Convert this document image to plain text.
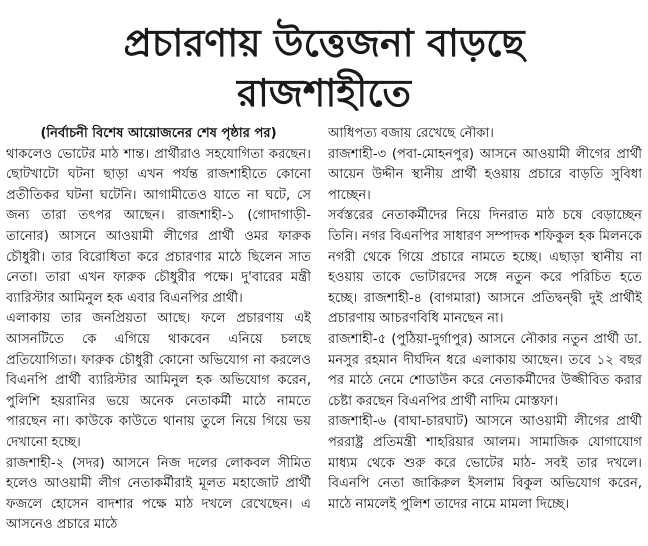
প্রচারণায় উত্তেজনা বাড়ছে
রাজশাহীতে
(নির্বাচনী বিশেষ আয়োজনের শেষ পৃষ্ঠার পর)
থাকলেও ভোটের মাঠ শান্ত। প্রার্থীরাও সহযোগিতা করছেন। ছোটখাটো ঘটনা ছাড়া এখন পর্যন্ত রাজশাহীতে কোনো প্রতীতিকর ঘটনা ঘটেনি। আগামীতেও যাতে না ঘটে, সে জন্য তারা তৎপর আছেন। রাজশাহী-১ (গোদাগাড়ী-তানোর) আসনে আওয়ামী লীগের প্রার্থী ওমর ফারুক চৌধুরী। তার বিরোধিতা করে প্রচারণার মাঠে ছিলেন সাত নেতা। তারা এখন ফারুক চৌধুরীর পক্ষে। দু'বারের মন্ত্রী ব্যারিস্টার আমিনুল হক এবার বিএনপির প্রার্থী।
এলাকায় তার জনপ্রিয়তা আছে। ফলে প্রচারণায় এই আসনটিতে কে এগিয়ে থাকবেন এনিয়ে চলছে প্রতিযোগিতা। ফারুক চৌধুরী কোনো অভিযোগ না করলেও বিএনপি প্রার্থী ব্যারিস্টার আমিনুল হক অভিযোগ করেন, পুলিশি হয়রানির ভয়ে অনেক নেতাকর্মী মাঠে নামতে পারছেন না। কাউকে কাউতে থানায় তুলে নিয়ে গিয়ে ভয় দেখানো হচ্ছে।
রাজশাহী-২ (সদর) আসনে নিজ দলের লোকবল সীমিত হলেও আওয়ামী লীগ নেতাকর্মীরাই মূলত মহাজোট প্রার্থী ফজলে হোসেন বাদশার পক্ষে মাঠ দখলে রেখেছেন। এ আসনেও প্রচারে মাঠে
আধিপত্য বজায় রেখেছে নৌকা।
রাজশাহী-৩ (পবা-মোহনপুর) আসনে আওয়ামী লীগের প্রার্থী আয়েন উদ্দীন স্থানীয় প্রার্থী হওয়ায় প্রচারে বাড়তি সুবিধা পাচ্ছেন।
সর্বস্তরের নেতাকর্মীদের নিয়ে দিনরাত মাঠ চষে বেড়াচ্ছেন তিনি। নগর বিএনপির সাধারণ সম্পাদক শফিকুল হক মিলনকে নগরী থেকে গিয়ে প্রচারে নামতে হচ্ছে। এছাড়া স্থানীয় না হওয়ায় তাকে ভোটারদের সঙ্গে নতুন করে পরিচিত হতে হচ্ছে। রাজশাহী-৪ (বাগমারা) আসনে প্রতিদ্বন্দ্বী দুই প্রার্থীই প্রচারণায় আচরণবিধি মানছেন না।
রাজশাহী-৫ (পুঠিয়া-দুর্গাপুর) আসনে নৌকার নতুন প্রার্থী ডা. মনসুর রহমান দীর্ঘদিন ধরে এলাকায় আছেন। তবে ১২ বছর পর মাঠে নেমে শোডাউন করে নেতাকর্মীদের উজ্জীবিত করার চেষ্টা করছেন বিএনপির প্রার্থী নাদিম মোস্তফা।
রাজশাহী-৬ (বাঘা-চারঘাট) আসনে আওয়ামী লীগের প্রার্থী পররাষ্ট্র প্রতিমন্ত্রী শাহরিয়ার আলম। সামাজিক যোগাযোগ মাধ্যম থেকে শুরু করে ভোটের মাঠ- সবই তার দখলে। বিএনপি নেতা জাকিরুল ইসলাম বিকুল অভিযোগ করেন, মাঠে নামলেই পুলিশ তাদের নামে মামলা দিচ্ছে।
